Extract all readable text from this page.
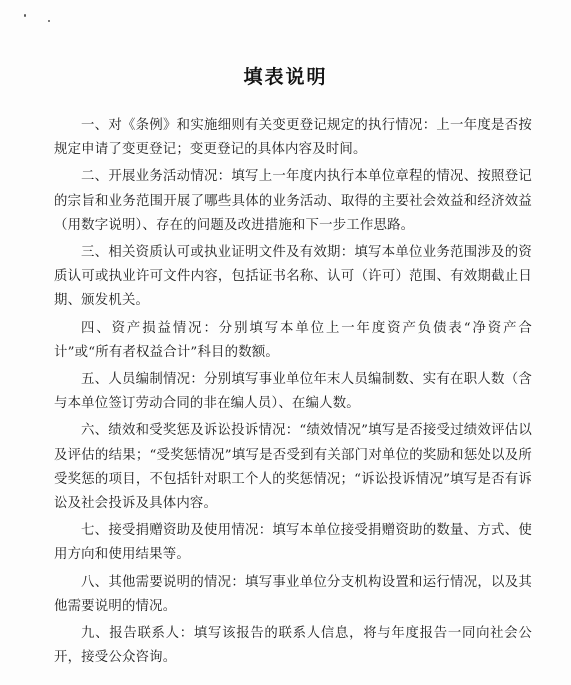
填表说明

一、对《条例》和实施细则有关变更登记规定的执行情况：上一年度是否按规定申请了变更登记；变更登记的具体内容及时间。

二、开展业务活动情况：填写上一年度内执行本单位章程的情况、按照登记的宗旨和业务范围开展了哪些具体的业务活动、取得的主要社会效益和经济效益（用数字说明）、存在的问题及改进措施和下一步工作思路。

三、相关资质认可或执业证明文件及有效期：填写本单位业务范围涉及的资质认可或执业许可文件内容，包括证书名称、认可（许可）范围、有效期截止日期、颁发机关。

四、资产损益情况：分别填写本单位上一年度资产负债表“净资产合计”或“所有者权益合计”科目的数额。

五、人员编制情况：分别填写事业单位年末人员编制数、实有在职人数（含与本单位签订劳动合同的非在编人员）、在编人数。

六、绩效和受奖惩及诉讼投诉情况：“绩效情况”填写是否接受过绩效评估以及评估的结果；“受奖惩情况”填写是否受到有关部门对单位的奖励和惩处以及所受奖惩的项目，不包括针对职工个人的奖惩情况；“诉讼投诉情况”填写是否有诉讼及社会投诉及具体内容。

七、接受捐赠资助及使用情况：填写本单位接受捐赠资助的数量、方式、使用方向和使用结果等。

八、其他需要说明的情况：填写事业单位分支机构设置和运行情况，以及其他需要说明的情况。

九、报告联系人：填写该报告的联系人信息，将与年度报告一同向社会公开，接受公众咨询。
